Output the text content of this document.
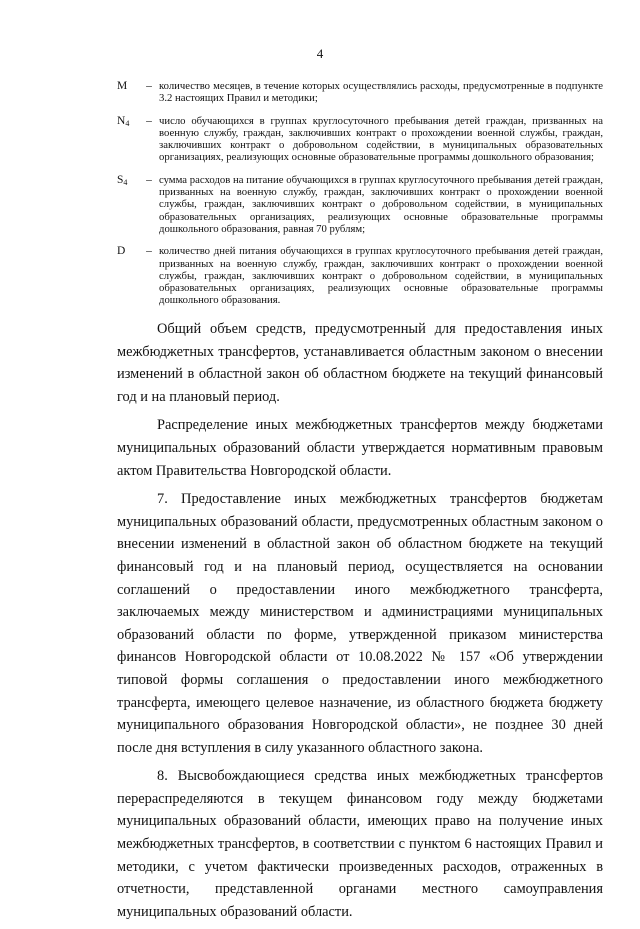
4
M	– количество месяцев, в течение которых осуществлялись расходы, предусмотренные в подпункте 3.2 настоящих Правил и методики;
$N_4$	– число обучающихся в группах круглосуточного пребывания детей граждан, призванных на военную службу, граждан, заключивших контракт о прохождении военной службы, граждан, заключивших контракт о добровольном содействии, в муниципальных образовательных организациях, реализующих основные образовательные программы дошкольного образования;
$S_4$	– сумма расходов на питание обучающихся в группах круглосуточного пребывания детей граждан, призванных на военную службу, граждан, заключивших контракт о прохождении военной службы, граждан, заключивших контракт о добровольном содействии, в муниципальных образовательных организациях, реализующих основные образовательные программы дошкольного образования, равная 70 рублям;
D	– количество дней питания обучающихся в группах круглосуточного пребывания детей граждан, призванных на военную службу, граждан, заключивших контракт о прохождении военной службы, граждан, заключивших контракт о добровольном содействии, в муниципальных образовательных организациях, реализующих основные образовательные программы дошкольного образования.

Общий объем средств, предусмотренный для предоставления иных межбюджетных трансфертов, устанавливается областным законом о внесении изменений в областной закон об областном бюджете на текущий финансовый год и на плановый период.

Распределение иных межбюджетных трансфертов между бюджетами муниципальных образований области утверждается нормативным правовым актом Правительства Новгородской области.

7. Предоставление иных межбюджетных трансфертов бюджетам муниципальных образований области, предусмотренных областным законом о внесении изменений в областной закон об областном бюджете на текущий финансовый год и на плановый период, осуществляется на основании соглашений о предоставлении иного межбюджетного трансферта, заключаемых между министерством и администрациями муниципальных образований области по форме, утвержденной приказом министерства финансов Новгородской области от 10.08.2022 № 157 «Об утверждении типовой формы соглашения о предоставлении иного межбюджетного трансферта, имеющего целевое назначение, из областного бюджета бюджету муниципального образования Новгородской области», не позднее 30 дней после дня вступления в силу указанного областного закона.

8. Высвобождающиеся средства иных межбюджетных трансфертов перераспределяются в текущем финансовом году между бюджетами муниципальных образований области, имеющих право на получение иных межбюджетных трансфертов, в соответствии с пунктом 6 настоящих Правил и методики, с учетом фактически произведенных расходов, отраженных в отчетности, представленной органами местного самоуправления муниципальных образований области.
